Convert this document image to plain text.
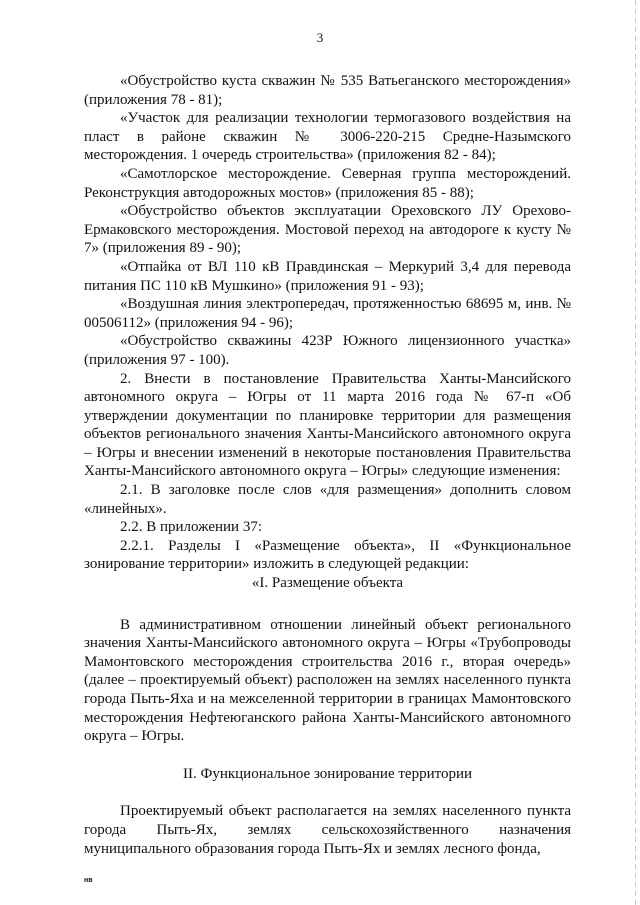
3

«Обустройство куста скважин № 535 Ватьеганского месторождения» (приложения 78 - 81);

«Участок для реализации технологии термогазового воздействия на пласт в районе скважин № 3006-220-215 Средне-Назымского месторождения. 1 очередь строительства» (приложения 82 - 84);

«Самотлорское месторождение. Северная группа месторождений. Реконструкция автодорожных мостов» (приложения 85 - 88);

«Обустройство объектов эксплуатации Ореховского ЛУ Орехово-Ермаковского месторождения. Мостовой переход на автодороге к кусту № 7» (приложения 89 - 90);

«Отпайка от ВЛ 110 кВ Правдинская – Меркурий 3,4 для перевода питания ПС 110 кВ Мушкино» (приложения 91 - 93);

«Воздушная линия электропередач, протяженностью 68695 м, инв. № 00506112» (приложения 94 - 96);

«Обустройство скважины 423Р Южного лицензионного участка» (приложения 97 - 100).

2. Внести в постановление Правительства Ханты-Мансийского автономного округа – Югры от 11 марта 2016 года № 67-п «Об утверждении документации по планировке территории для размещения объектов регионального значения Ханты-Мансийского автономного округа – Югры и внесении изменений в некоторые постановления Правительства Ханты-Мансийского автономного округа – Югры» следующие изменения:

2.1. В заголовке после слов «для размещения» дополнить словом «линейных».

2.2. В приложении 37:

2.2.1. Разделы I «Размещение объекта», II «Функциональное зонирование территории» изложить в следующей редакции:

«I. Размещение объекта

В административном отношении линейный объект регионального значения Ханты-Мансийского автономного округа – Югры «Трубопроводы Мамонтовского месторождения строительства 2016 г., вторая очередь» (далее – проектируемый объект) расположен на землях населенного пункта города Пыть-Яха и на межселенной территории в границах Мамонтовского месторождения Нефтеюганского района Ханты-Мансийского автономного округа – Югры.

II. Функциональное зонирование территории

Проектируемый объект располагается на землях населенного пункта города Пыть-Ях, землях сельскохозяйственного назначения муниципального образования города Пыть-Ях и землях лесного фонда,

нв
